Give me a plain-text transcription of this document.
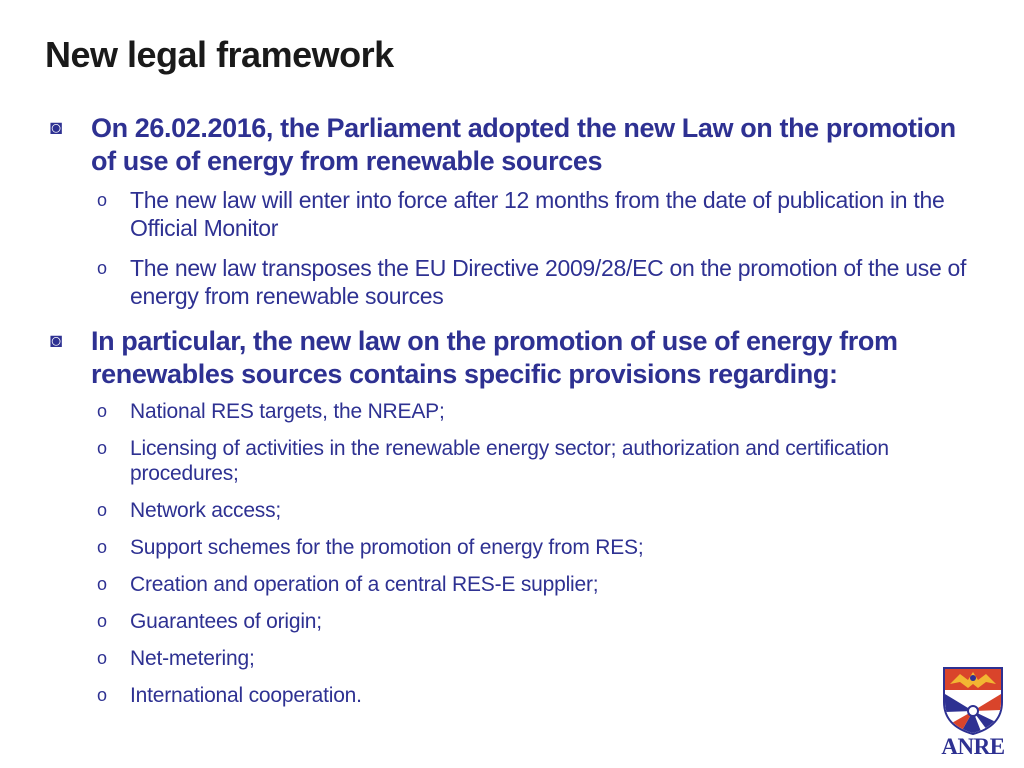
New legal framework
◙	On 26.02.2016, the Parliament adopted the new Law on the promotion of use of energy from renewable sources
o The new law will enter into force after 12 months from the date of publication in the Official Monitor
o The new law transposes the EU Directive 2009/28/EC on the promotion of the use of energy from renewable sources
◙	In particular, the new law on the promotion of use of energy from renewables sources contains specific provisions regarding:
o	National RES targets, the NREAP;
o	Licensing of activities in the renewable energy sector; authorization and certification procedures;
o	Network access;
o	Support schemes for the promotion of energy from RES;
o	Creation and operation of a central RES-E supplier;
o	Guarantees of origin;
o	Net-metering;
o	International cooperation.
ANRE
